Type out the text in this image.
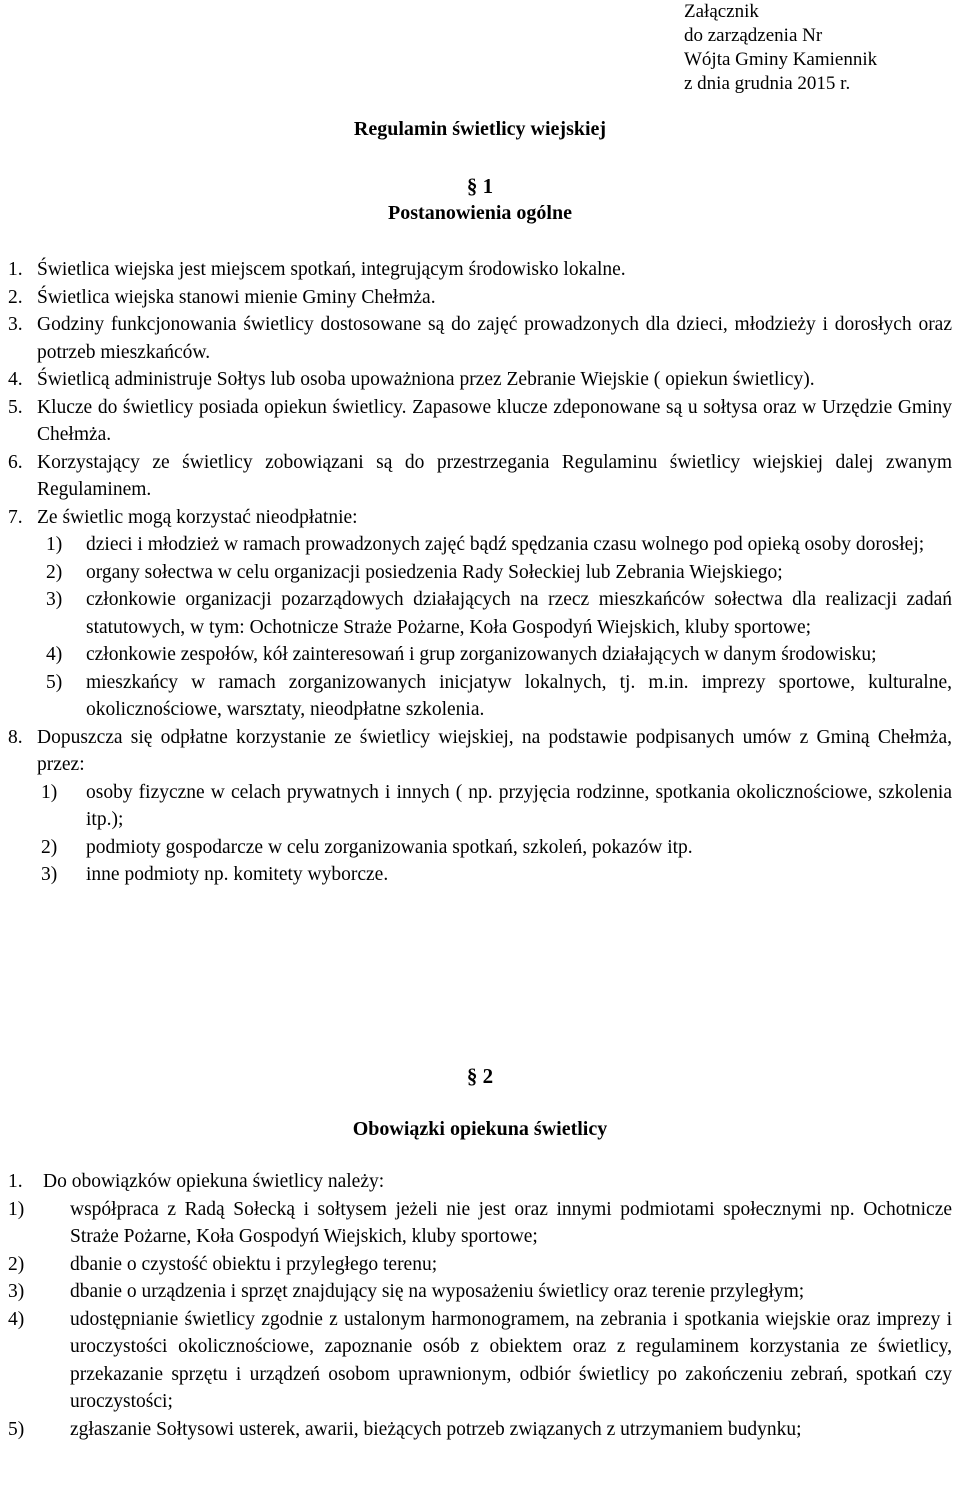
Załącznik
do zarządzenia Nr
Wójta Gminy Kamiennik
z dnia grudnia 2015 r.
Regulamin świetlicy wiejskiej
§ 1
Postanowienia ogólne
1. Świetlica wiejska jest miejscem spotkań, integrującym środowisko lokalne.
2. Świetlica wiejska stanowi mienie Gminy Chełmża.
3. Godziny funkcjonowania świetlicy dostosowane są do zajęć prowadzonych dla dzieci, młodzieży i dorosłych oraz potrzeb mieszkańców.
4. Świetlicą administruje Sołtys lub osoba upoważniona przez Zebranie Wiejskie ( opiekun świetlicy).
5. Klucze do świetlicy posiada opiekun świetlicy. Zapasowe klucze zdeponowane są u sołtysa oraz w Urzędzie Gminy Chełmża.
6. Korzystający ze świetlicy zobowiązani są do przestrzegania Regulaminu świetlicy wiejskiej dalej zwanym Regulaminem.
7. Ze świetlic mogą korzystać nieodpłatnie:
1) dzieci i młodzież w ramach prowadzonych zajęć bądź spędzania czasu wolnego pod opieką osoby dorosłej;
2) organy sołectwa w celu organizacji posiedzenia Rady Sołeckiej lub Zebrania Wiejskiego;
3) członkowie organizacji pozarządowych działających na rzecz mieszkańców sołectwa dla realizacji zadań statutowych, w tym: Ochotnicze Straże Pożarne, Koła Gospodyń Wiejskich, kluby sportowe;
4) członkowie zespołów, kół zainteresowań i grup zorganizowanych działających w danym środowisku;
5) mieszkańcy w ramach zorganizowanych inicjatyw lokalnych, tj. m.in. imprezy sportowe, kulturalne, okolicznościowe, warsztaty, nieodpłatne szkolenia.
8. Dopuszcza się odpłatne korzystanie ze świetlicy wiejskiej, na podstawie podpisanych umów z Gminą Chełmża, przez:
1) osoby fizyczne w celach prywatnych i innych ( np. przyjęcia rodzinne, spotkania okolicznościowe, szkolenia itp.);
2) podmioty gospodarcze w celu zorganizowania spotkań, szkoleń, pokazów itp.
3) inne podmioty np. komitety wyborcze.
§ 2
Obowiązki opiekuna świetlicy
1. Do obowiązków opiekuna świetlicy należy:
1) współpraca z Radą Sołecką i sołtysem jeżeli nie jest oraz innymi podmiotami społecznymi np. Ochotnicze Straże Pożarne, Koła Gospodyń Wiejskich, kluby sportowe;
2) dbanie o czystość obiektu i przyległego terenu;
3) dbanie o urządzenia i sprzęt znajdujący się na wyposażeniu świetlicy oraz terenie przyległym;
4) udostępnianie świetlicy zgodnie z ustalonym harmonogramem, na zebrania i spotkania wiejskie oraz imprezy i uroczystości okolicznościowe, zapoznanie osób z obiektem oraz z regulaminem korzystania ze świetlicy, przekazanie sprzętu i urządzeń osobom uprawnionym, odbiór świetlicy po zakończeniu zebrań, spotkań czy uroczystości;
5) zgłaszanie Sołtysowi usterek, awarii, bieżących potrzeb związanych z utrzymaniem budynku;
